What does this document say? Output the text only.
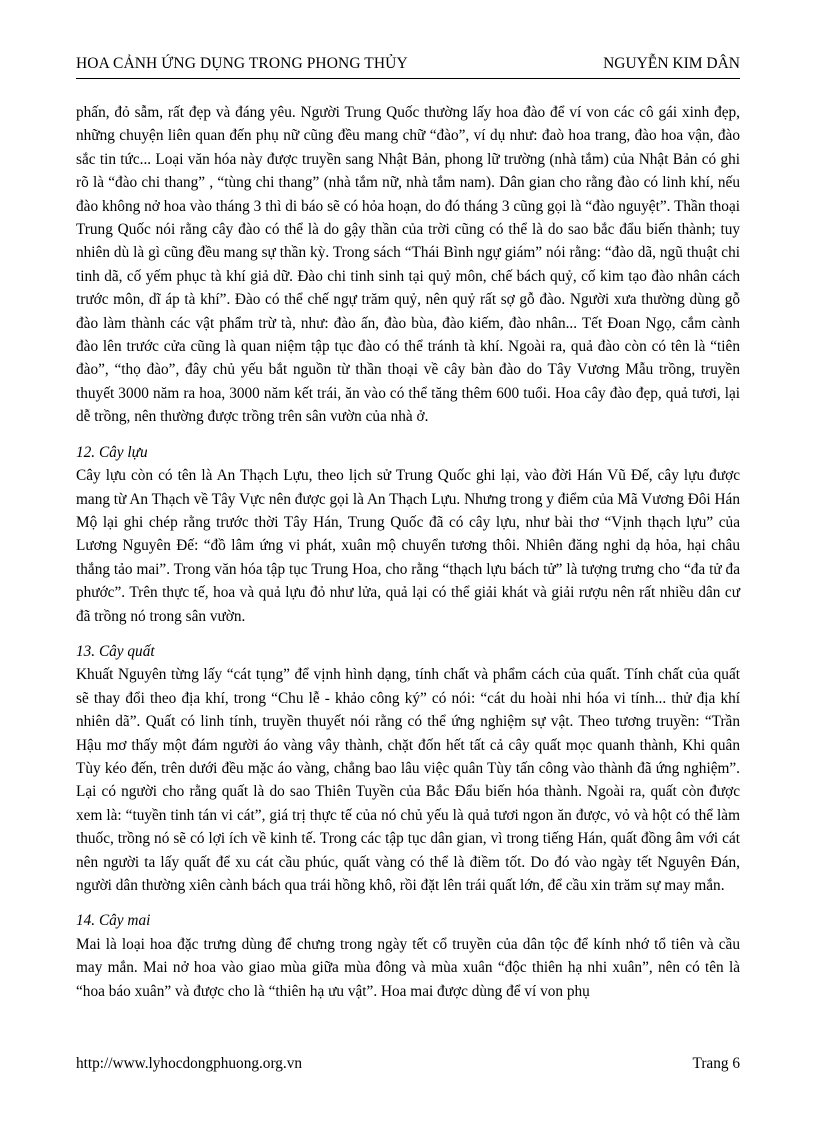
HOA CẢNH ỨNG DỤNG TRONG PHONG THỦY	NGUYỄN KIM DÂN

phấn, đỏ sẫm, rất đẹp và đáng yêu. Người Trung Quốc thường lấy hoa đào để ví von các cô gái xinh đẹp, những chuyện liên quan đến phụ nữ cũng đều mang chữ “đào”, ví dụ như: đaò hoa trang, đào hoa vận, đào sắc tin tức... Loại văn hóa này được truyền sang Nhật Bản, phong lữ trường (nhà tắm) của Nhật Bản có ghi rõ là “đào chi thang” , “tùng chi thang” (nhà tắm nữ, nhà tắm nam). Dân gian cho rằng đào có linh khí, nếu đào không nở hoa vào tháng 3 thì di báo sẽ có hỏa hoạn, do đó tháng 3 cũng gọi là “đào nguyệt”. Thần thoại Trung Quốc nói rằng cây đào có thể là do gậy thần của trời cũng có thể là do sao bắc đẩu biến thành; tuy nhiên dù là gì cũng đều mang sự thần kỳ. Trong sách “Thái Bình ngự giám” nói rằng: “đào dã, ngũ thuật chi tinh dã, cố yếm phục tà khí giả dữ. Đào chi tinh sinh tại quỷ môn, chế bách quỷ, cố kim tạo đào nhân cách trước môn, dĩ áp tà khí”. Đào có thể chế ngự trăm quỷ, nên quỷ rất sợ gỗ đào. Người xưa thường dùng gỗ đào làm thành các vật phẩm trừ tà, như: đào ấn, đào bùa, đào kiếm, đào nhân... Tết Đoan Ngọ, cắm cành đào lên trước cửa cũng là quan niệm tập tục đào có thể tránh tà khí. Ngoài ra, quả đào còn có tên là “tiên đào”, “thọ đào”, đây chủ yếu bắt nguồn từ thần thoại về cây bàn đào do Tây Vương Mẫu trồng, truyền thuyết 3000 năm ra hoa, 3000 năm kết trái, ăn vào có thể tăng thêm 600 tuổi. Hoa cây đào đẹp, quả tươi, lại dễ trồng, nên thường được trồng trên sân vườn của nhà ở.

12. Cây lựu

Cây lựu còn có tên là An Thạch Lựu, theo lịch sử Trung Quốc ghi lại, vào đời Hán Vũ Đế, cây lựu được mang từ An Thạch về Tây Vực nên được gọi là An Thạch Lựu. Nhưng trong y điểm của Mã Vương Đôi Hán Mộ lại ghi chép rằng trước thời Tây Hán, Trung Quốc đã có cây lựu, như bài thơ “Vịnh thạch lựu” của Lương Nguyên Đế: “đồ lâm ứng vi phát, xuân mộ chuyển tương thôi. Nhiên đăng nghi dạ hỏa, hại châu thắng tảo mai”. Trong văn hóa tập tục Trung Hoa, cho rằng “thạch lựu bách tử” là tượng trưng cho “đa tử đa phước”. Trên thực tế, hoa và quả lựu đỏ như lửa, quả lại có thể giải khát và giải rượu nên rất nhiều dân cư đã trồng nó trong sân vườn.

13. Cây quất

Khuất Nguyên từng lấy “cát tụng” để vịnh hình dạng, tính chất và phẩm cách của quất. Tính chất của quất sẽ thay đổi theo địa khí, trong “Chu lễ - khảo công ký” có nói: “cát du hoài nhi hóa vi tính... thử địa khí nhiên dã”. Quất có linh tính, truyền thuyết nói rằng có thể ứng nghiệm sự vật. Theo tương truyền: “Trần Hậu mơ thấy một đám người áo vàng vây thành, chặt đốn hết tất cả cây quất mọc quanh thành, Khi quân Tùy kéo đến, trên dưới đều mặc áo vàng, chẳng bao lâu việc quân Tùy tấn công vào thành đã ứng nghiệm”. Lại có người cho rằng quất là do sao Thiên Tuyền của Bắc Đẩu biến hóa thành. Ngoài ra, quất còn được xem là: “tuyền tinh tán vi cát”, giá trị thực tế của nó chủ yếu là quả tươi ngon ăn được, vỏ và hột có thể làm thuốc, trồng nó sẽ có lợi ích về kinh tế. Trong các tập tục dân gian, vì trong tiếng Hán, quất đồng âm với cát nên người ta lấy quất để xu cát cầu phúc, quất vàng có thể là điềm tốt. Do đó vào ngày tết Nguyên Đán, người dân thường xiên cành bách qua trái hồng khô, rồi đặt lên trái quất lớn, để cầu xin trăm sự may mắn.

14. Cây mai

Mai là loại hoa đặc trưng dùng để chưng trong ngày tết cổ truyền của dân tộc để kính nhớ tổ tiên và cầu may mắn. Mai nở hoa vào giao mùa giữa mùa đông và mùa xuân “độc thiên hạ nhi xuân”, nên có tên là “hoa báo xuân” và được cho là “thiên hạ ưu vật”. Hoa mai được dùng để ví von phụ

http://www.lyhocdongphuong.org.vn	Trang 6
